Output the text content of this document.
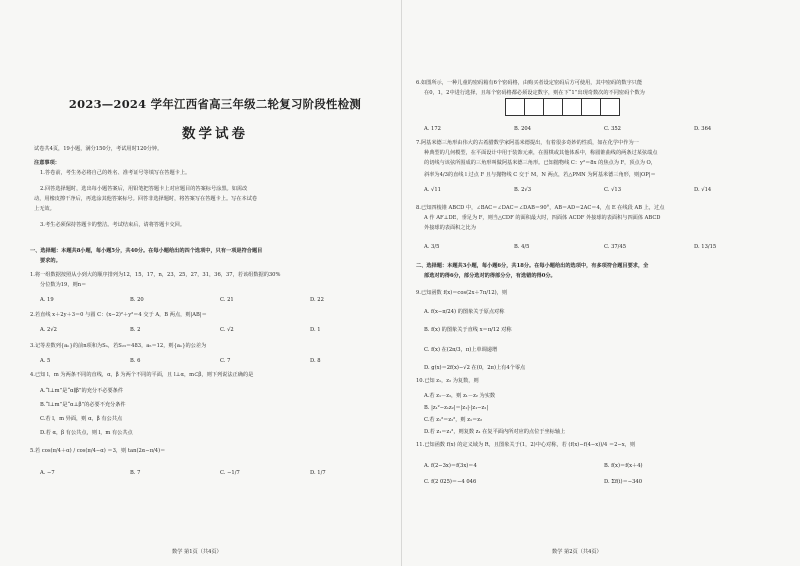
2023—2024 学年江西省高三年级二轮复习阶段性检测
数学试卷
试卷共4页，19小题，满分150分，考试用时120分钟。
注意事项：
1.答卷前，考生务必将自己的姓名、准考证号等填写在答题卡上。
2.回答选择题时，选出每小题答案后，用铅笔把答题卡上对应题目的答案标号涂黑。如需改
动，用橡皮擦干净后，再选涂其他答案标号。回答非选择题时，将答案写在答题卡上。写在本试卷
上无效。
3.考生必须保持答题卡的整洁。考试结束后，请将答题卡交回。
一、选择题：本题共8小题，每小题5分，共40分。在每小题给出的四个选项中，只有一项是符合题目
要求的。
1.将一组数据按照从小到大的顺序排列为12，15，17，n，23，25，27，31，36，37，若该组数据的30%
分位数为19，则n＝
A. 19	B. 20	C. 21	D. 22
2.若直线 x＋2y＋3＝0 与圆 C：(x−2)²＋y²＝4 交于 A，B 两点，则|AB|＝
A. 2√2	B. 2	C. √2	D. 1
3.记等差数列{aₙ}的前n项和为Sₙ，若S₂₃＝483，a₅＝12，则{aₙ}的公差为
A. 5	B. 6	C. 7	D. 8
4.已知 l，m 为两条不同的直线，α，β 为两个不同的平面，且 l⊥α，m⊂β，则下列说法正确的是
A.“l⊥m”是“α∥β”的充分不必要条件
B.“l⊥m”是“α⊥β”的必要不充分条件
C.若 l，m 异面，则 α，β 有公共点
D.若 α，β 有公共点，则 l，m 有公共点
5.若 cos(π/4＋α) / cos(π/4−α) ＝3，则 tan(2α−π/4)＝
A. −7	B. 7	C. −1/7	D. 1/7
数学 第1页（共4页）
6.如图所示，一种儿童的密码箱有6个密码格，由购买者设定密码后方可使用，其中密码的数字只能
在0，1，2中进行选择，且每个密码格都必须设定数字，则在下“1”出现奇数次的不同密码个数为
A. 172	B. 204	C. 352	D. 364
7.阿基米德三角形由伟大的古希腊数学家阿基米德提出，有着很多奇妙的性质，如在化学中作为一
种典型的几何模型，在平面设计中用于装饰元素，在围棋或其他体系中，称圆锥曲线的两条过某弦端点
的切线与该弦所围成的三角形叫做阿基米德三角形。已知抛物线 C：y²＝8x 的焦点为 F，顶点为 O，
斜率为4/3的直线 l 过点 F 且与抛物线 C 交于 M，N 两点，若△PMN 为阿基米德三角形，则|OP|＝
A. √11	B. 2√3	C. √13	D. √14
8.已知四棱锥 ABCD 中，∠BAC＝∠DAC＝∠DAB＝90°，AB＝AD＝2AC＝4，点 E 在线段 AB 上，过点
A 作 AF⊥DE，垂足为 F，则当△CDF 的面积最大时，四面体 ACDF 外接球的表面积与四面体 ABCD
外接球的表面积之比为
A. 3/5	B. 4/5	C. 37/45	D. 13/15
二、选择题：本题共3小题，每小题6分，共18分。在每小题给出的选项中，有多项符合题目要求，全
部选对的得6分，部分选对的得部分分，有选错的得0分。
9.已知函数 f(x)＝cos(2x＋7π/12)，则
A. f(x−π/24) 的图象关于原点对称
B. f(x) 的图象关于直线 x＝π/12 对称
C. f(x) 在(2π/3，π)上单调递增
D. g(x)＝2f(x)−√2 在(0，2π)上有4个零点
10.已知 z₁，z₂ 为复数，则
A.若 z₁－z₂，则 z₁－z₂ 为实数
B. |z₁²−z₁z₂|＝|z₁|·|z₁−z₂|
C.若 z₁²＝z₂²，则 z₁＝z₂
D.若 z₁＝z₁²，则复数 z₁ 在复平面内所对应的点位于坐标轴上
11.已知函数 f(x) 的定义域为 R，且图象关于(1，2)中心对称，若 (f(x)−f(4−x))/4 ＝2−x，则
A. f(2−3x)＝f(3x)＝4	B. f(x)＝f(x＋4)
C. f(2 025)＝−4 046	D. Σf(i)＝−340
数学 第2页（共4页）
